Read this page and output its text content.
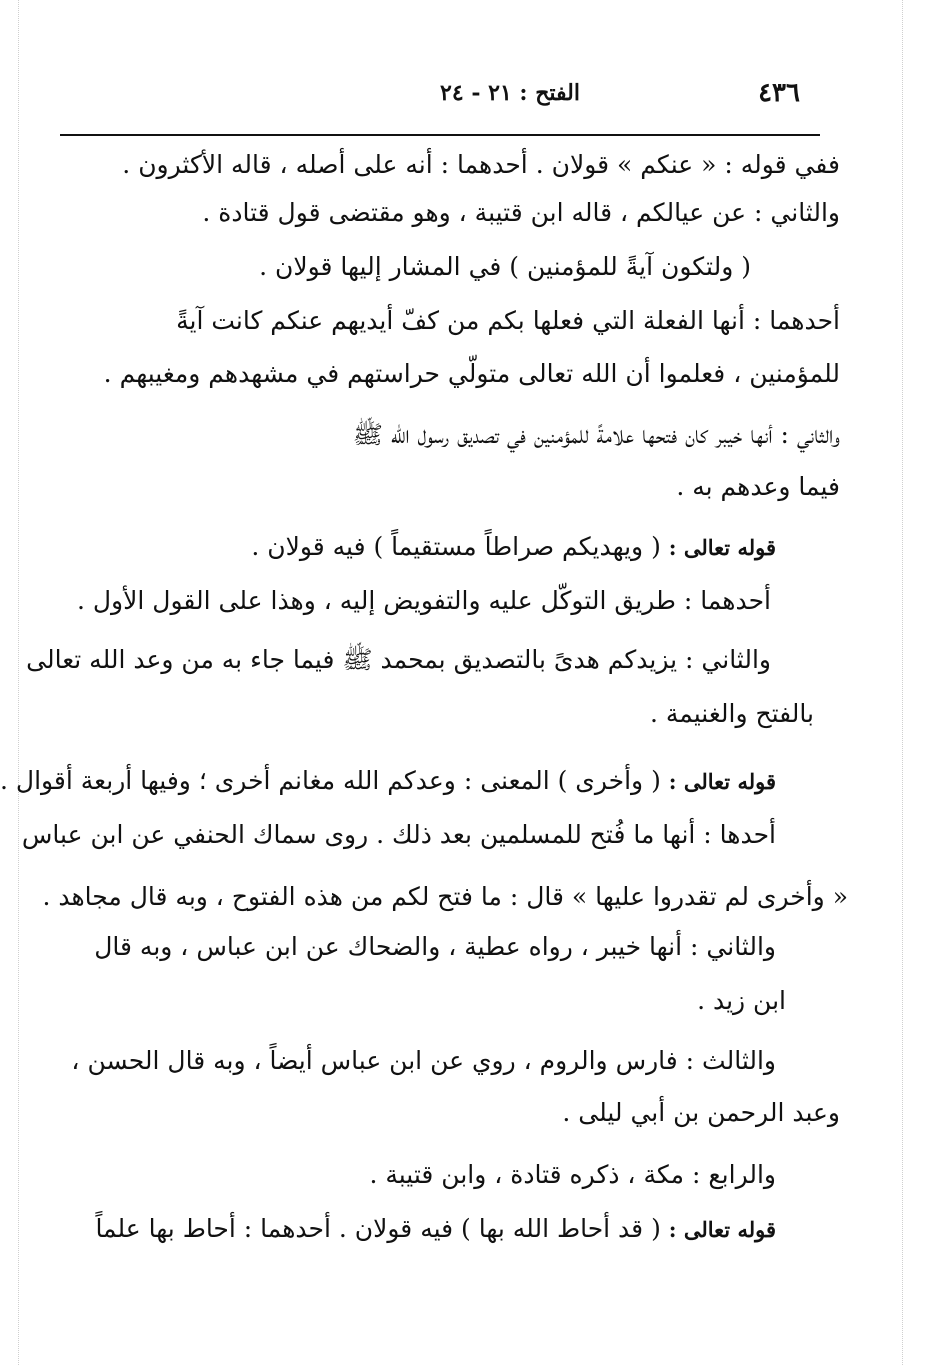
٤٣٦
الفتح : ٢١ - ٢٤
ففي قوله : « عنكم » قولان . أحدهما : أنه على أصله ، قاله الأكثرون .
والثاني : عن عيالكم ، قاله ابن قتيبة ، وهو مقتضى قول قتادة .
( ولتكون آيةً للمؤمنين ) في المشار إليها قولان .
أحدهما : أنها الفعلة التي فعلها بكم من كفّ أيديهم عنكم كانت آيةً
للمؤمنين ، فعلموا أن الله تعالى متولّي حراستهم في مشهدهم ومغيبهم .
والثاني : أنها خيبر كان فتحها علامةً للمؤمنين في تصديق رسول الله ﷺ
فيما وعدهم به .
قوله تعالى : ( ويهديكم صراطاً مستقيماً ) فيه قولان .
أحدهما : طريق التوكّل عليه والتفويض إليه ، وهذا على القول الأول .
والثاني : يزيدكم هدىً بالتصديق بمحمد ﷺ فيما جاء به من وعد الله تعالى
بالفتح والغنيمة .
قوله تعالى : ( وأخرى ) المعنى : وعدكم الله مغانم أخرى ؛ وفيها أربعة أقوال .
أحدها : أنها ما فُتح للمسلمين بعد ذلك . روى سماك الحنفي عن ابن عباس
« وأخرى لم تقدروا عليها » قال : ما فتح لكم من هذه الفتوح ، وبه قال مجاهد .
والثاني : أنها خيبر ، رواه عطية ، والضحاك عن ابن عباس ، وبه قال
ابن زيد .
والثالث : فارس والروم ، روي عن ابن عباس أيضاً ، وبه قال الحسن ،
وعبد الرحمن بن أبي ليلى .
والرابع : مكة ، ذكره قتادة ، وابن قتيبة .
قوله تعالى : ( قد أحاط الله بها ) فيه قولان . أحدهما : أحاط بها علماً
